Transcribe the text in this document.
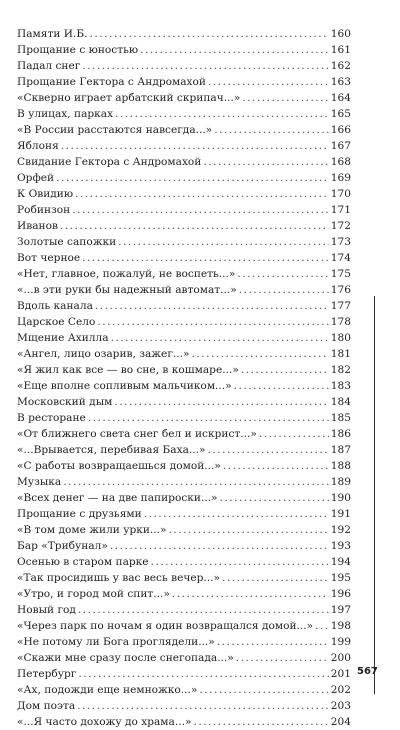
Памяти И.Б. .....	160
Прощание с юностью .....	161
Падал снег .....	162
Прощание Гектора с Андромахой .....	163
«Скверно играет арбатский скрипач...» .....	164
В улицах, парках .....	165
«В России расстаются навсегда...» .....	166
Яблоня .....	167
Свидание Гектора с Андромахой .....	168
Орфей .....	169
К Овидию .....	170
Робинзон .....	171
Иванов .....	172
Золотые сапожки .....	173
Вот черное .....	174
«Нет, главное, пожалуй, не воспеть...» .....	175
«...в эти руки бы надежный автомат...» .....	176
Вдоль канала .....	177
Царское Село .....	178
Мщение Ахилла .....	180
«Ангел, лицо озарив, зажег...» .....	181
«Я жил как все — во сне, в кошмаре...» .....	182
«Еще вполне сопливым мальчиком...» .....	183
Московский дым .....	184
В ресторане .....	185
«От ближнего света снег бел и искрист...» .....	186
«...Врывается, перебивая Баха...» .....	187
«С работы возвращаешься домой...» .....	188
Музыка .....	189
«Всех денег — на две папироски...» .....	190
Прощание с друзьями .....	191
«В том доме жили урки...» .....	192
Бар «Трибунал» .....	193
Осенью в старом парке .....	194
«Так просидишь у вас весь вечер...» .....	195
«Утро, и город мой спит...» .....	196
Новый год .....	197
«Через парк по ночам я один возвращался домой...» ..... 198
«Не потому ли Бога проглядели...» .....	199
«Скажи мне сразу после снегопада...» .....	200
Петербург .....	201
«Ах, подожди еще немножко...» .....	202
Дом поэта .....	203
«...Я часто дохожу до храма...» .....	204
567
